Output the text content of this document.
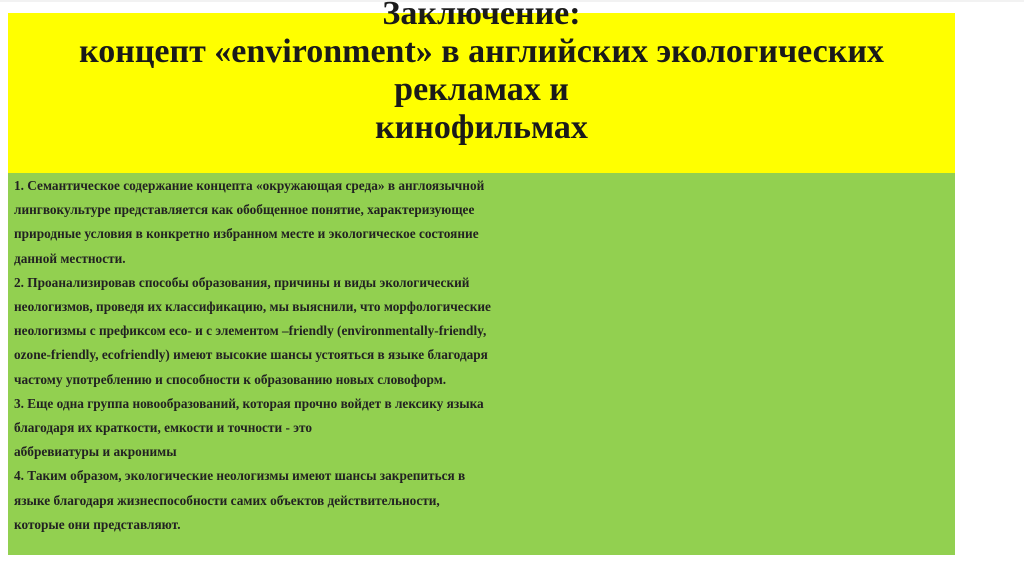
Заключение:
концепт «environment» в английских экологических
рекламах и
кинофильмах
1. Семантическое содержание концепта «окружающая среда» в англоязычной
лингвокультуре представляется как обобщенное понятие, характеризующее
природные условия в конкретно избранном месте и экологическое состояние
данной местности.
2. Проанализировав способы образования, причины и виды экологический
неологизмов, проведя их классификацию, мы выяснили, что морфологические
неологизмы с префиксом eco- и с элементом –friendly (environmentally-friendly,
ozone-friendly, ecofriendly) имеют высокие шансы устояться в языке благодаря
частому употреблению и способности к образованию новых словоформ.
3. Еще одна группа новообразований, которая прочно войдет в лексику языка
благодаря их краткости, емкости и точности - это
аббревиатуры и акронимы
4. Таким образом, экологические неологизмы имеют шансы закрепиться в
языке благодаря жизнеспособности самих объектов действительности,
которые они представляют.
